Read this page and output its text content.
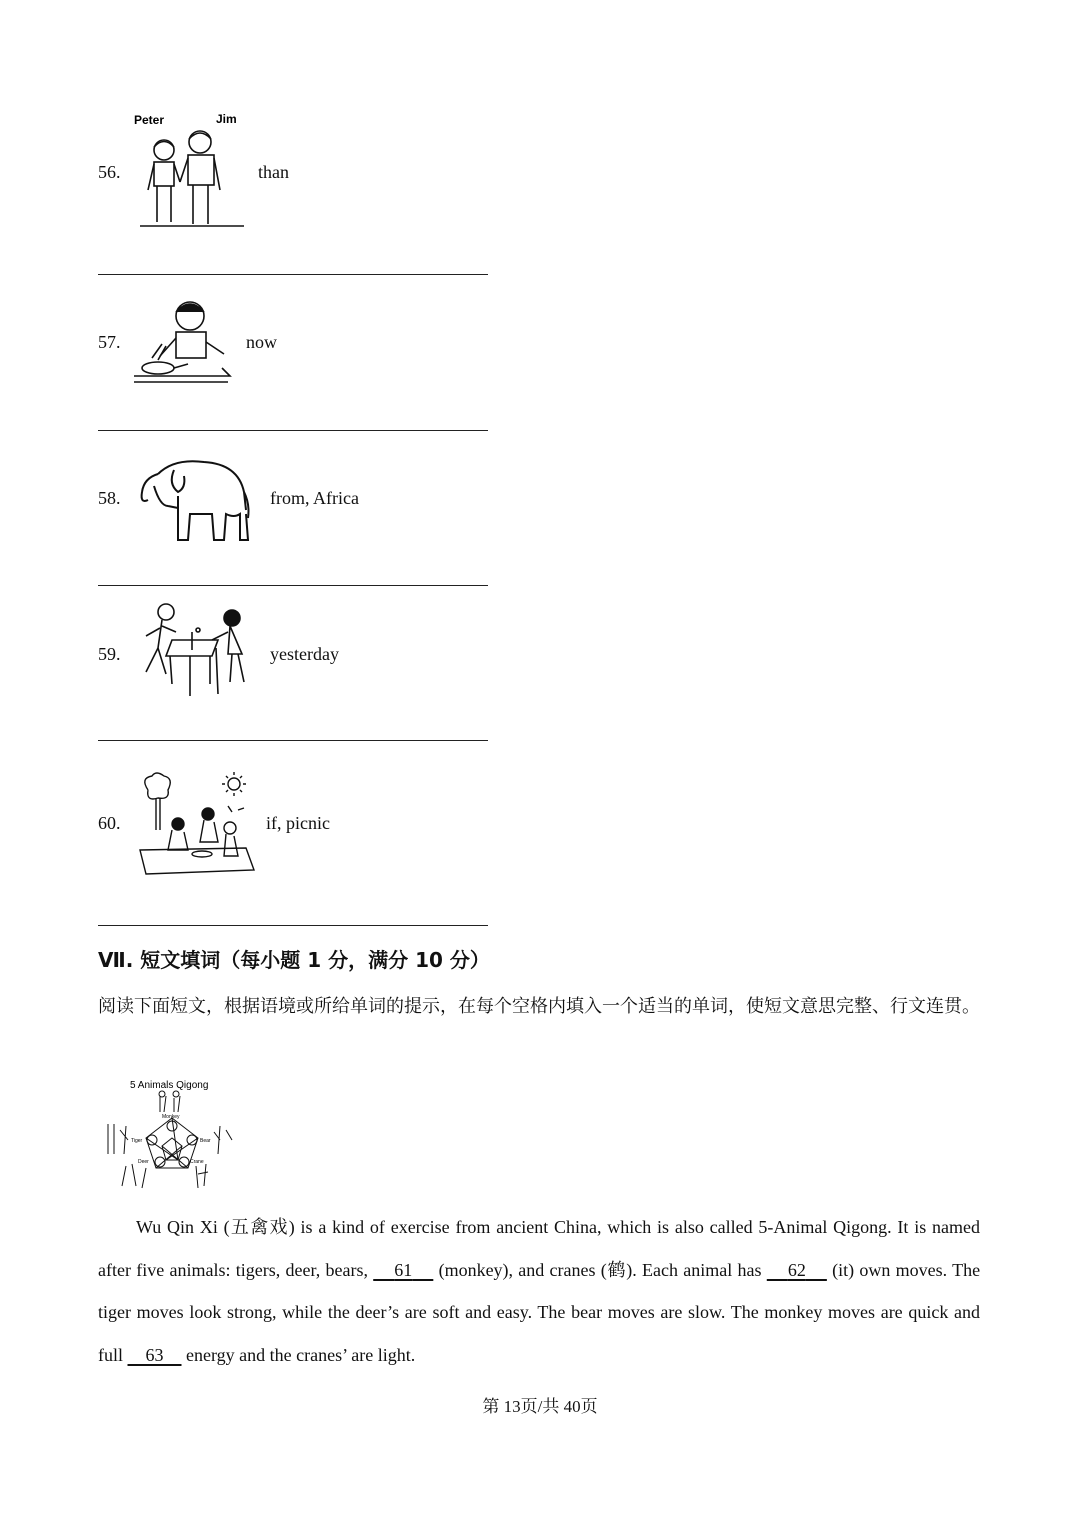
56.
Peter	Jim
than
57.	now
58.	from, Africa
59.	yesterday
60.	if, picnic
Ⅶ. 短文填词（每小题 1 分，满分 10 分）
阅读下面短文，根据语境或所给单词的提示，在每个空格内填入一个适当的单词，使短文意思完整、行文连贯。
5 Animals Qigong
Monkey
Tiger	Bear
Deer	Crane

Wu Qin Xi (五禽戏) is a kind of exercise from ancient China, which is also called 5-Animal Qigong. It is named after five animals: tigers, deer, bears,     61     (monkey), and cranes (鹤). Each animal has     62     (it) own moves. The tiger moves look strong, while the deer’s are soft and easy. The bear moves are slow. The monkey moves are quick and full     63     energy and the cranes’ are light.

第 13页/共 40页
